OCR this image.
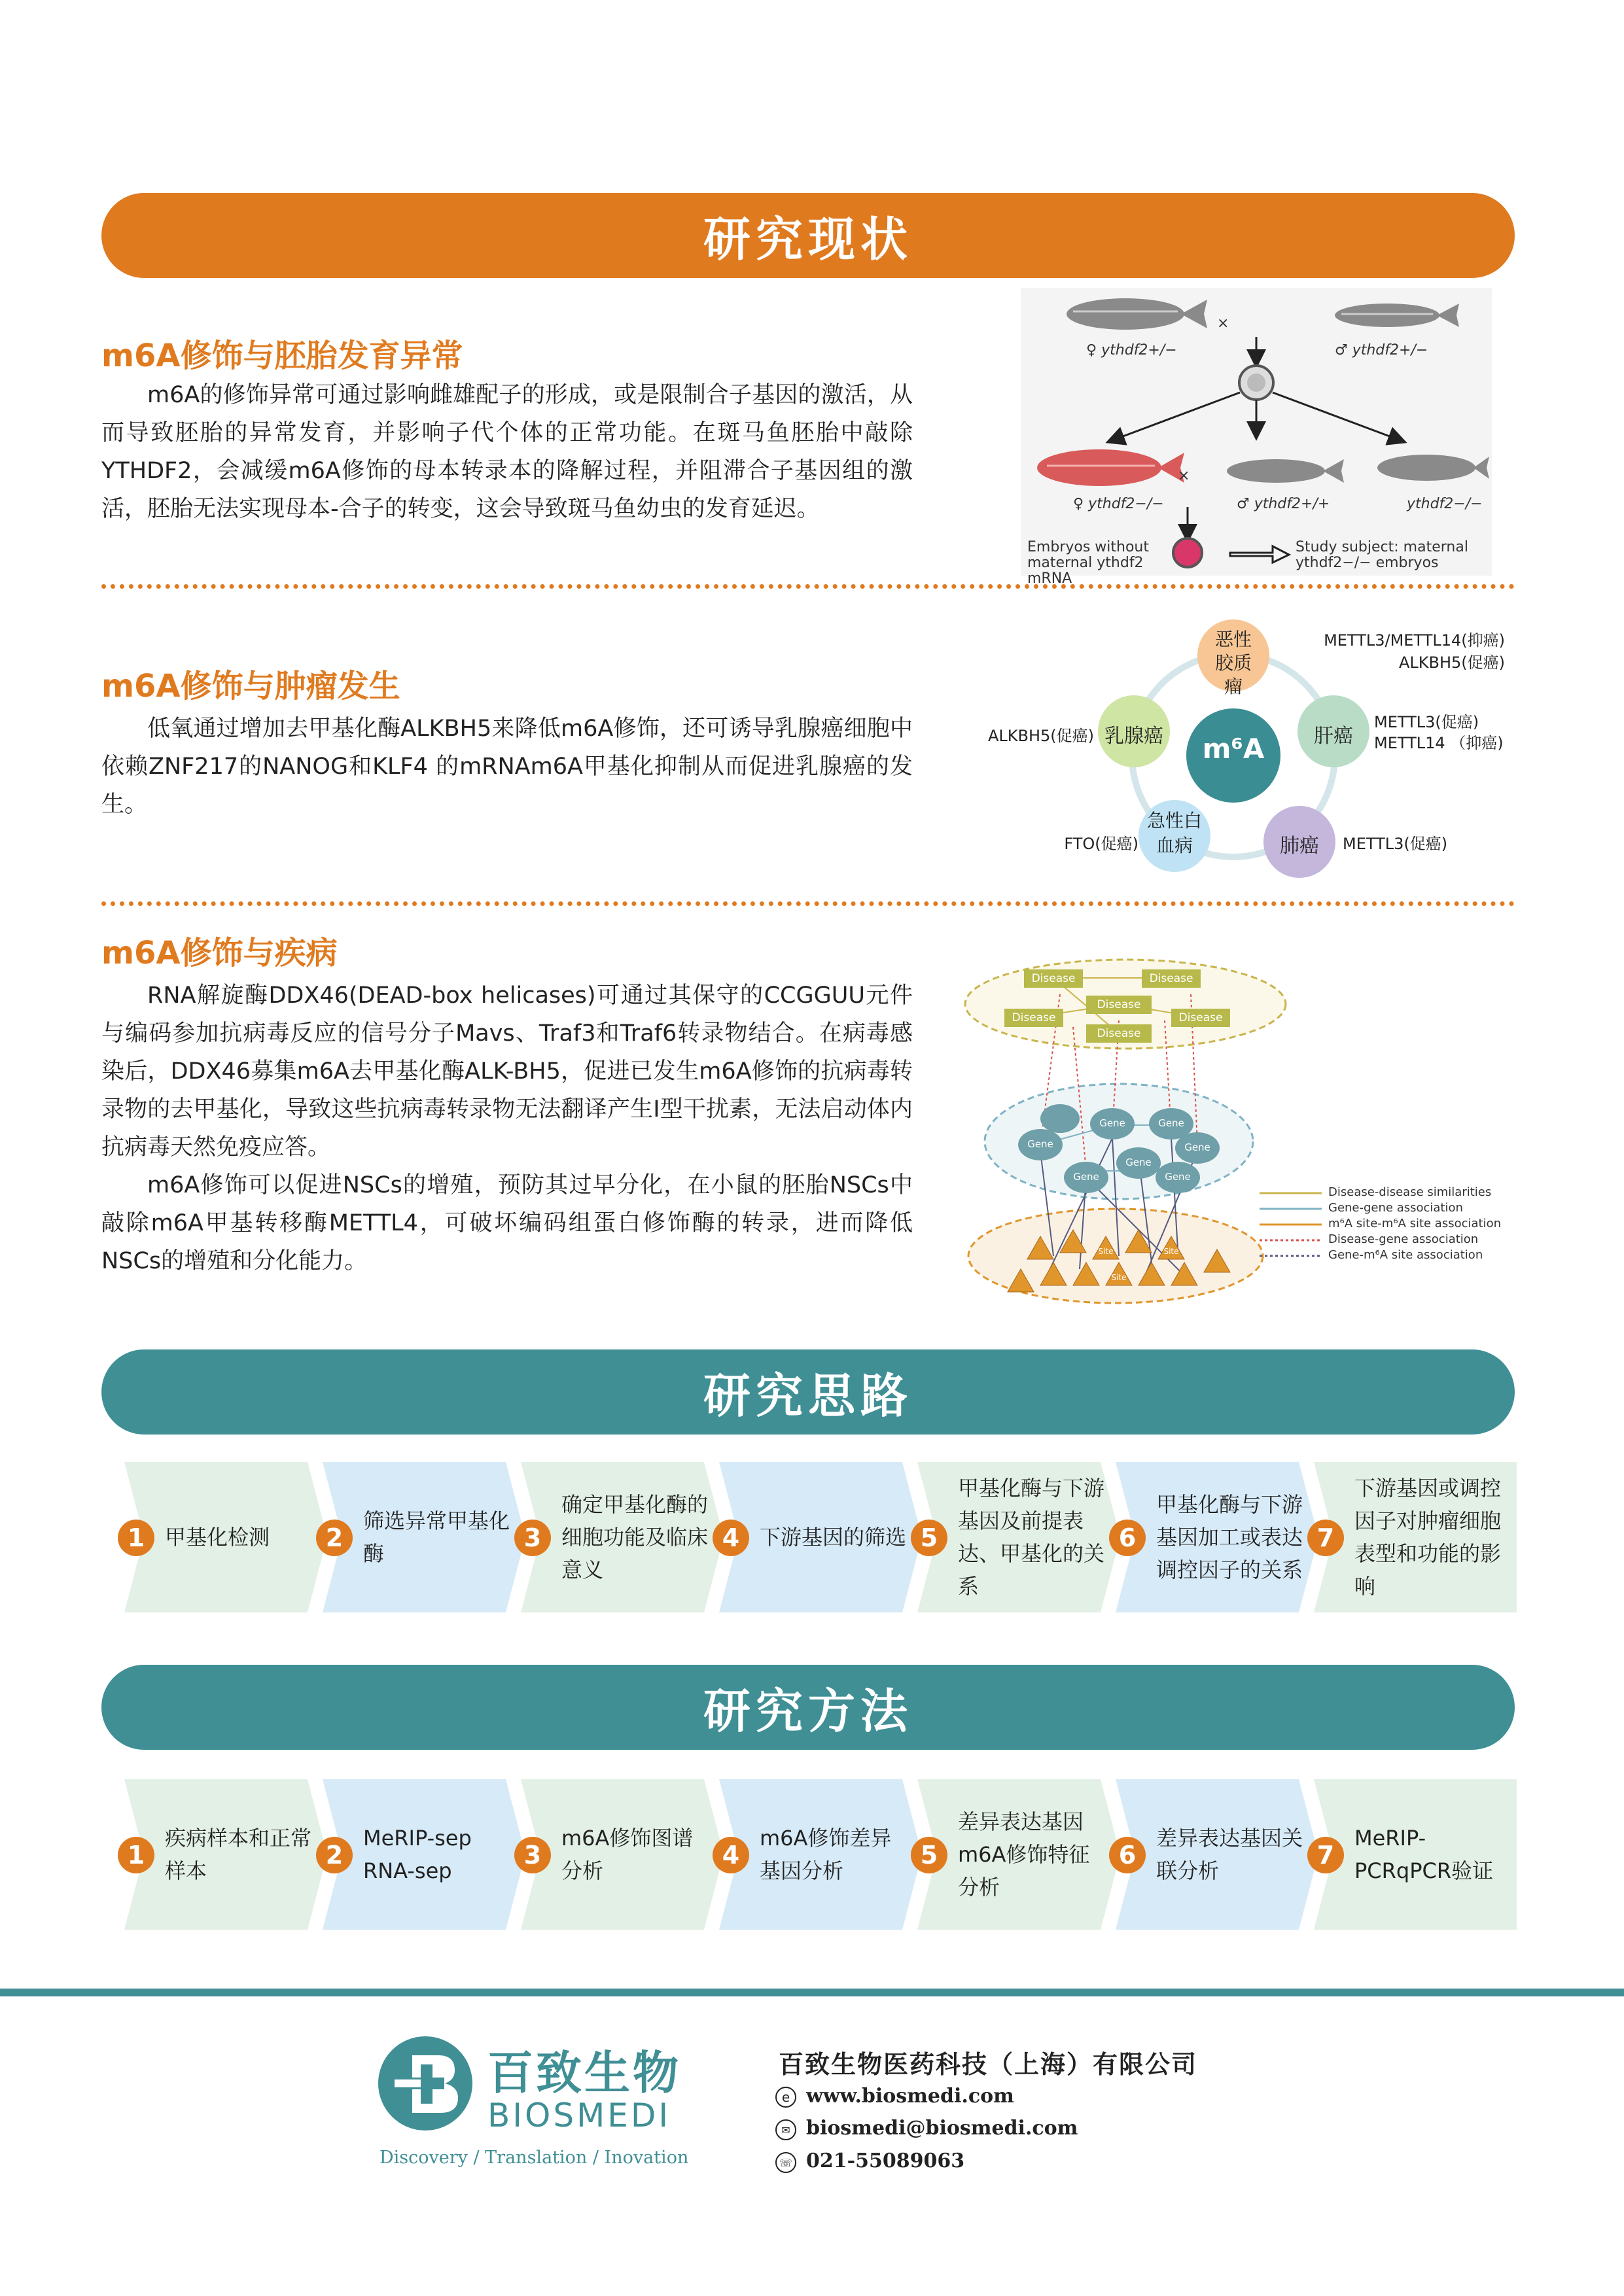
研究现状
m6A修饰与胚胎发育异常

m6A的修饰异常可通过影响雌雄配子的形成，或是限制合子基因的激活，从而导致胚胎的异常发育，并影响子代个体的正常功能。在斑马鱼胚胎中敲除YTHDF2，会减缓m6A修饰的母本转录本的降解过程，并阻滞合子基因组的激活，胚胎无法实现母本-合子的转变，这会导致斑马鱼幼虫的发育延迟。

♀ ythdf2+/−
×
♂ ythdf2+/−
×
♀ ythdf2−/−	♂ ythdf2+/+	ythdf2−/−
Embryos without maternal ythdf2 mRNA
Study subject: maternal ythdf2−/− embryos
m6A修饰与肿瘤发生

低氧通过增加去甲基化酶ALKBH5来降低m6A修饰，还可诱导乳腺癌细胞中依赖ZNF217的NANOG和KLF4 的mRNAm6A甲基化抑制从而促进乳腺癌的发生。

m⁶A
恶性胶质瘤
METTL3/METTL14(抑癌)
ALKBH5(促癌)
肝癌
METTL3(促癌)
METTL14 （抑癌)
肺癌	METTL3(促癌)
急性白血病
FTO(促癌)
乳腺癌
ALKBH5(促癌)
m6A修饰与疾病

RNA解旋酶DDX46(DEAD-box helicases)可通过其保守的CCGGUU元件与编码参加抗病毒反应的信号分子Mavs、Traf3和Traf6转录物结合。在病毒感染后，DDX46募集m6A去甲基化酶ALK-BH5，促进已发生m6A修饰的抗病毒转录物的去甲基化，导致这些抗病毒转录物无法翻译产生I型干扰素，无法启动体内抗病毒天然免疫应答。

m6A修饰可以促进NSCs的增殖，预防其过早分化，在小鼠的胚胎NSCs中敲除m6A甲基转移酶METTL4，可破坏编码组蛋白修饰酶的转录，进而降低NSCs的增殖和分化能力。

Disease	Disease
Disease
Disease	Disease
Disease
Gene
Gene	Gene
Gene
Gene
Gene
Gene
Site	Site
Site
Disease-disease similarities
Gene-gene association
m⁶A site-m⁶A site association
Disease-gene association
Gene-m⁶A site association
研究思路
1 甲基化检测	2
筛选异常甲基化酶
3
确定甲基化酶的细胞功能及临床意义
4 下游基因的筛选 5
甲基化酶与下游基因及前提表达、甲基化的关系
6
甲基化酶与下游基因加工或表达调控因子的关系
7
下游基因或调控因子对肿瘤细胞表型和功能的影响
研究方法
1
疾病样本和正常样本
2
MeRIP-sep RNA-sep
3
m6A修饰图谱分析
4
m6A修饰差异基因分析
5
差异表达基因m6A修饰特征分析
6
差异表达基因关联分析
7
MeRIP-PCRqPCR验证
百致生物
BIOSMEDI
Discovery / Translation / Inovation
百致生物医药科技（上海）有限公司
e www.biosmedi.com
✉ biosmedi@biosmedi.com
☏ 021-55089063
